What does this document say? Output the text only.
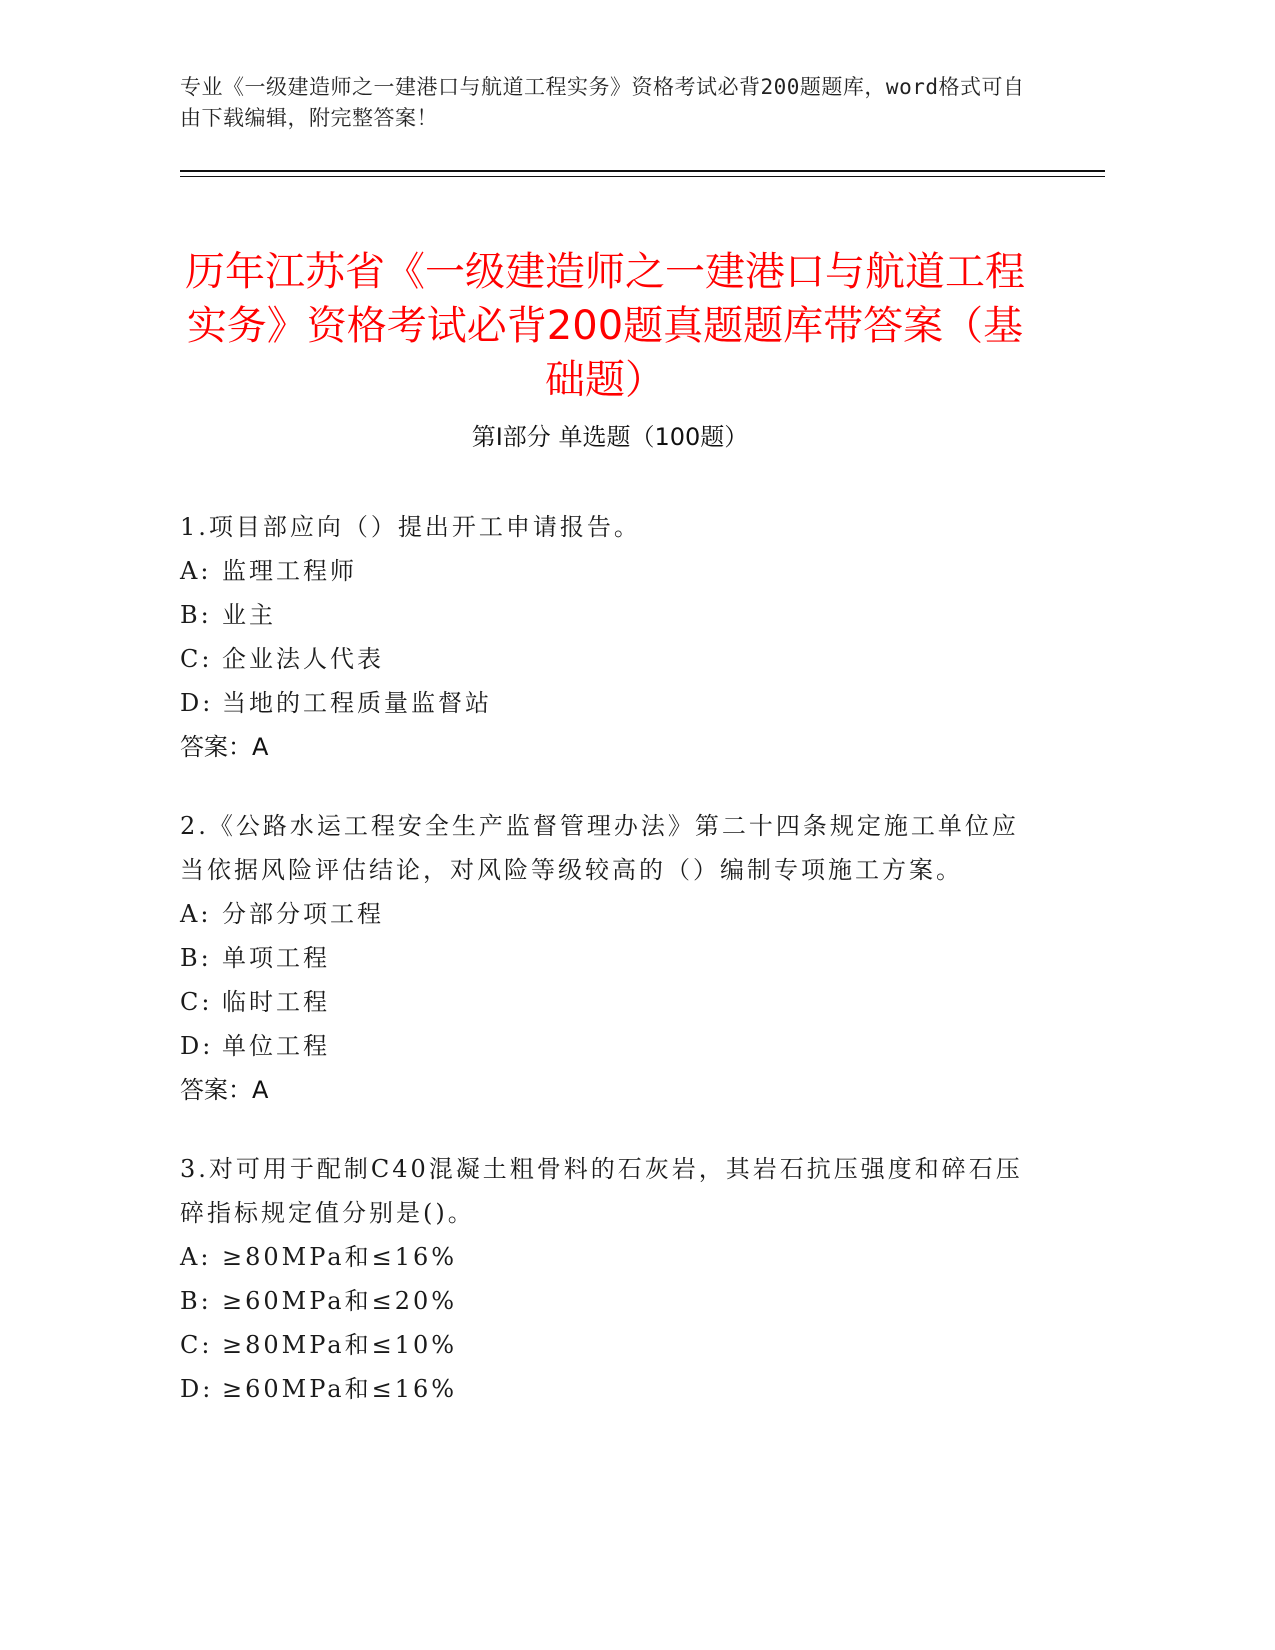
专业《一级建造师之一建港口与航道工程实务》资格考试必背200题题库，word格式可自由下载编辑，附完整答案！
历年江苏省《一级建造师之一建港口与航道工程实务》资格考试必背200题真题题库带答案（基础题）
第Ⅰ部分 单选题（100题）

1.项目部应向（）提出开工申请报告。

A: 监理工程师

B: 业主

C: 企业法人代表

D: 当地的工程质量监督站

答案：A

2.《公路水运工程安全生产监督管理办法》第二十四条规定施工单位应当依据风险评估结论，对风险等级较高的（）编制专项施工方案。

A: 分部分项工程

B: 单项工程

C: 临时工程

D: 单位工程

答案：A

3.对可用于配制C40混凝土粗骨料的石灰岩，其岩石抗压强度和碎石压碎指标规定值分别是()。

A: ≥80MPa和≤16%

B: ≥60MPa和≤20%

C: ≥80MPa和≤10%

D: ≥60MPa和≤16%
